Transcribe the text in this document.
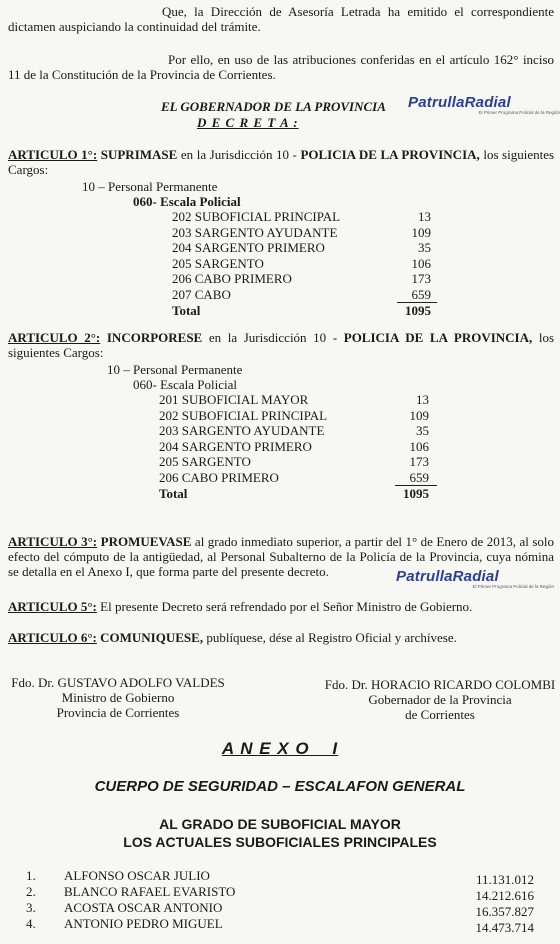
Que, la Dirección de Asesoría Letrada ha emitido el correspondiente dictamen auspiciando la continuidad del trámite.
Por ello, en uso de las atribuciones conferidas en el artículo 162° inciso 11 de la Constitución de la Provincia de Corrientes.
EL GOBERNADOR DE LA PROVINCIA
D E C R E T A :
PatrullaRadial
El Primer Programa Policial de la Región
ARTICULO 1°: SUPRIMASE en la Jurisdicción 10 - POLICIA DE LA PROVINCIA, los siguientes Cargos:
10 – Personal Permanente
060- Escala Policial
202 SUBOFICIAL PRINCIPAL	13
203 SARGENTO AYUDANTE	109
204 SARGENTO PRIMERO	35
205 SARGENTO	106
206 CABO PRIMERO	173
207 CABO	659
Total	1095
ARTICULO 2°: INCORPORESE en la Jurisdicción 10 - POLICIA DE LA PROVINCIA, los siguientes Cargos:
10 – Personal Permanente
060- Escala Policial
201 SUBOFICIAL MAYOR	13
202 SUBOFICIAL PRINCIPAL	109
203 SARGENTO AYUDANTE	35
204 SARGENTO PRIMERO	106
205 SARGENTO	173
206 CABO PRIMERO	659
Total	1095
ARTICULO 3°: PROMUEVASE al grado inmediato superior, a partir del 1° de Enero de 2013, al solo efecto del cómputo de la antigüedad, al Personal Subalterno de la Policía de la Provincia, cuya nómina se detalla en el Anexo I, que forma parte del presente decreto.	PatrullaRadial
El Primer Programa Policial de la Región
ARTICULO 5°: El presente Decreto será refrendado por el Señor Ministro de Gobierno.
ARTICULO 6°: COMUNIQUESE, publíquese, dése al Registro Oficial y archívese.
Fdo. Dr. GUSTAVO ADOLFO VALDES
Ministro de Gobierno
Provincia de Corrientes
Fdo. Dr. HORACIO RICARDO COLOMBI
Gobernador de la Provincia
de Corrientes
A N E X O    I
CUERPO DE SEGURIDAD – ESCALAFON GENERAL
AL GRADO DE SUBOFICIAL MAYOR
LOS ACTUALES SUBOFICIALES PRINCIPALES
1. ALFONSO OSCAR JULIO	11.131.012
2. BLANCO RAFAEL EVARISTO	14.212.616
3. ACOSTA OSCAR ANTONIO	16.357.827
4. ANTONIO PEDRO MIGUEL	14.473.714
